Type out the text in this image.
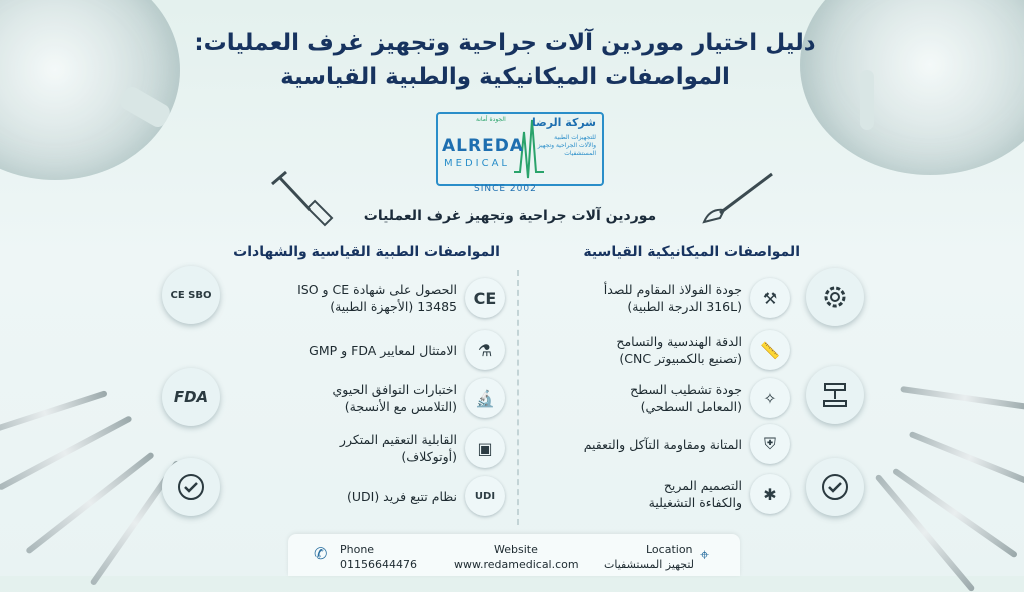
دليل اختيار موردين آلات جراحية وتجهيز غرف العمليات:
المواصفات الميكانيكية والطبية القياسية
شركة الرضا
للتجهيزات الطبية والآلات الجراحية وتجهيز المستشفيات
الجودة أمانة
ALREDA
MEDICAL
SINCE 2002
موردين آلات جراحية وتجهيز غرف العمليات
المواصفات الميكانيكية القياسية
المواصفات الطبية القياسية والشهادات
⚒
جودة الفولاذ المقاوم للصدأ
(316L الدرجة الطبية)
📏
الدقة الهندسية والتسامح
(تصنيع بالكمبيوتر CNC)
✧
جودة تشطيب السطح
(المعامل السطحي)
⛨
المتانة ومقاومة التآكل والتعقيم
✱
التصميم المريح
والكفاءة التشغيلية
CE
الحصول على شهادة CE و ISO
13485 (الأجهزة الطبية)
⚗
الامتثال لمعايير FDA و GMP
🔬
اختبارات التوافق الحيوي
(التلامس مع الأنسجة)
▣
القابلية التعقيم المتكرر
(أوتوكلاف)
UDI
نظام تتبع فريد (UDI)
CE SBO
FDA
✆ Phone
01156644476
Website
www.redamedical.com
Location
لتجهيز المستشفيات
⌖
